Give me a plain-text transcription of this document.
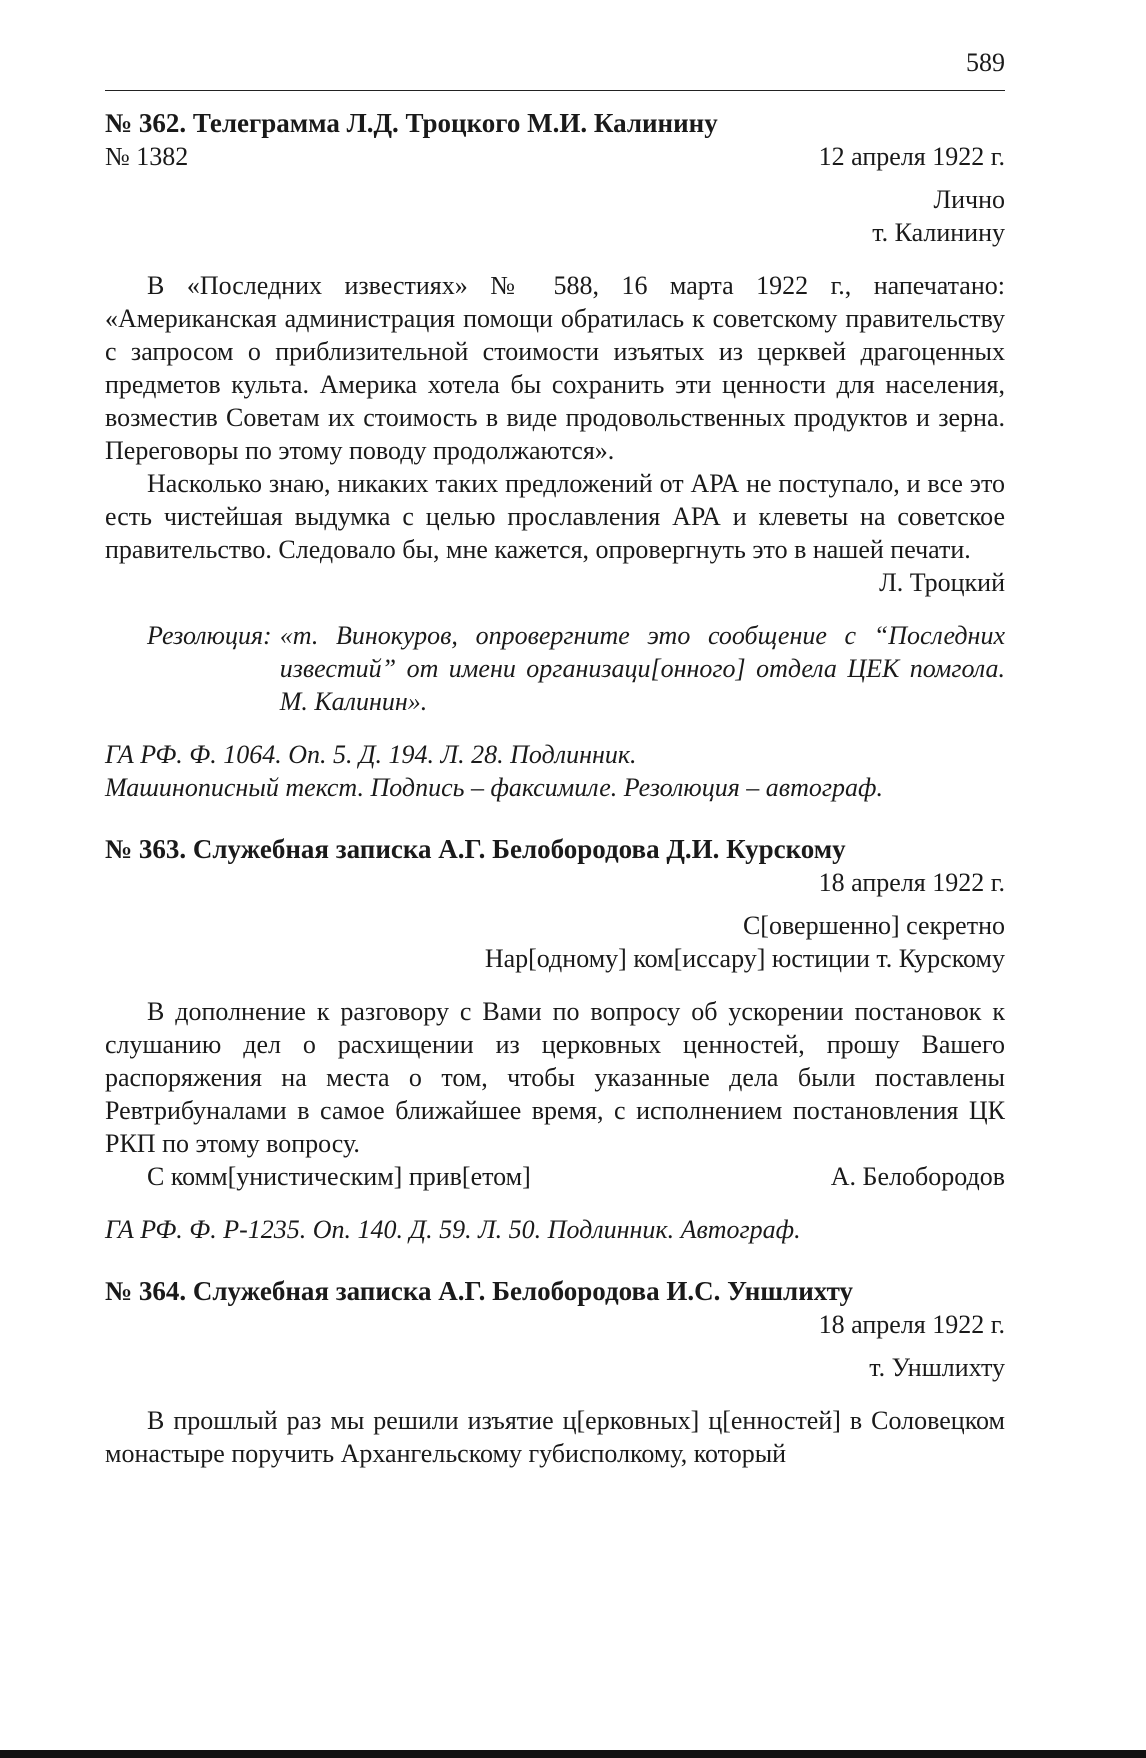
589
№ 362. Телеграмма Л.Д. Троцкого М.И. Калинину
№ 1382	12 апреля 1922 г.
Лично
т. Калинину

В «Последних известиях» № 588, 16 марта 1922 г., напечатано: «Американская администрация помощи обратилась к советскому правительству с запросом о приблизительной стоимости изъятых из церквей драгоценных предметов культа. Америка хотела бы сохранить эти ценности для населения, возместив Советам их стоимость в виде продовольственных продуктов и зерна. Переговоры по этому поводу продолжаются».

Насколько знаю, никаких таких предложений от АРА не поступало, и все это есть чистейшая выдумка с целью прославления АРА и клеветы на советское правительство. Следовало бы, мне кажется, опровергнуть это в нашей печати.

Л. Троцкий
Резолюция: «т. Винокуров, опровергните это сообщение с “Последних известий” от имени организаци[онного] отдела ЦЕК помгола. М. Калинин».
ГА РФ. Ф. 1064. Оп. 5. Д. 194. Л. 28. Подлинник.
Машинописный текст. Подпись – факсимиле. Резолюция – автограф.
№ 363. Служебная записка А.Г. Белобородова Д.И. Курскому
18 апреля 1922 г.
С[овершенно] секретно
Нар[одному] ком[иссару] юстиции т. Курскому

В дополнение к разговору с Вами по вопросу об ускорении постановок к слушанию дел о расхищении из церковных ценностей, прошу Вашего распоряжения на места о том, чтобы указанные дела были поставлены Ревтрибуналами в самое ближайшее время, с исполнением постановления ЦК РКП по этому вопросу.

С комм[унистическим] прив[етом]	А. Белобородов
ГА РФ. Ф. Р-1235. Оп. 140. Д. 59. Л. 50. Подлинник. Автограф.
№ 364. Служебная записка А.Г. Белобородова И.С. Уншлихту
18 апреля 1922 г.
т. Уншлихту

В прошлый раз мы решили изъятие ц[ерковных] ц[енностей] в Соловецком монастыре поручить Архангельскому губисполкому, который
